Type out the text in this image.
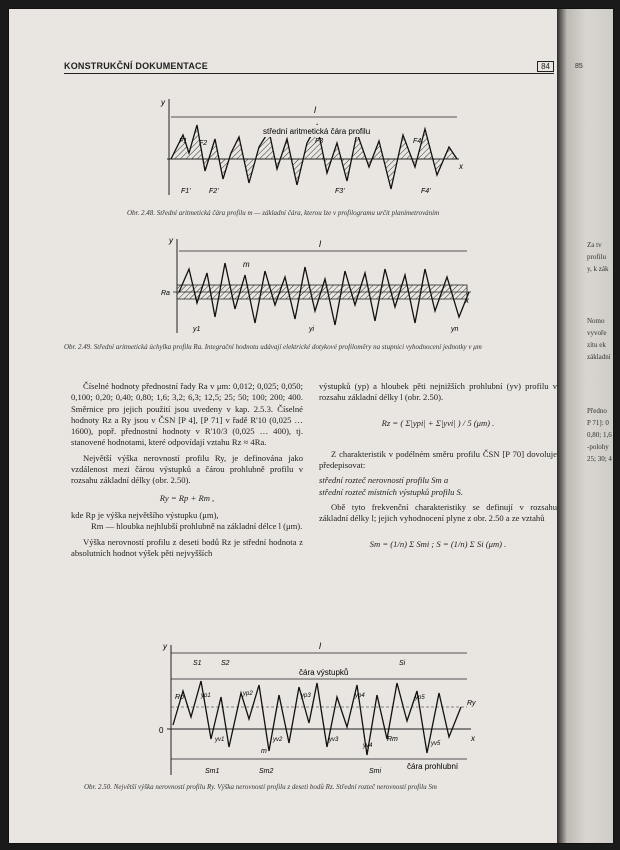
KONSTRUKČNÍ DOKUMENTACE	84
l
střední aritmetická čára profilu
y
x
F1 F2	F3	F4
F1'	F2'	F3'	F4'
Obr. 2.48. Střední aritmetická čára profilu m — základní čára, kterou lze v profilogramu určit planimetrováním
l
m
Ra
y
x
y1	yi	yn
Obr. 2.49. Střední aritmetická úchylka profilu Ra. Integrační hodnotu udávají elektrické dotykové profiloměry na stupnici vyhodnocení jednotky v μm

Číselné hodnoty přednostní řady Ra v μm: 0,012; 0,025; 0,050; 0,100; 0,20; 0,40; 0,80; 1,6; 3,2; 6,3; 12,5; 25; 50; 100; 200; 400. Směrnice pro jejich použití jsou uvedeny v kap. 2.5.3. Číselné hodnoty Rz a Ry jsou v ČSN [P 4], [P 71] v řadě R'10 (0,025 … 1600), popř. přednostní hodnoty v R'10/3 (0,025 … 400), tj. stanovené hodnotami, které odpovídají vztahu Rz ≈ 4Ra.

Největší výška nerovností profilu Ry, je definována jako vzdálenost mezi čárou výstupků a čárou prohlubně profilu v rozsahu základní délky (obr. 2.50).

Ry = Rp + Rm ,

kde Rp je výška největšího výstupku (μm),

Rm — hloubka nejhlubší prohlubně na základní délce l (μm).

Výška nerovností profilu z deseti bodů Rz je střední hodnota z absolutních hodnot výšek pěti nejvyšších

výstupků (yp) a hloubek pěti nejnižších prohlubní (yv) profilu v rozsahu základní délky l (obr. 2.50).

Rz = ( Σ|ypi| + Σ|yvi| ) / 5 (μm) .

Z charakteristik v podélném směru profilu ČSN [P 70] dovoluje předepisovat:

střední rozteč nerovností profilu Sm a

střední rozteč místních výstupků profilu S.

Obě tyto frekvenční charakteristiky se definují v rozsahu základní délky l; jejich vyhodnocení plyne z obr. 2.50 a ze vztahů

Sm = (1/n) Σ Smi ; S = (1/n) Σ Si (μm) .
l
y
x
0
čára výstupků
čára prohlubní
S1	S2	Si
Sm1	Sm2	Smi
Rp
Rm
Ry
m
yp1	yp2	yp3	yp4	yp5
yv1	yv2	yv3
yv4	yv5
Obr. 2.50. Největší výška nerovností profilu Ry. Výška nerovností profilu z deseti bodů Rz. Střední rozteč nerovností profilu Sm
85
Za tv
profilu
y, k zák
Nomo
vyvoře
zítu ek
základní
Předno
P 71]: 0
0,80; 1,6
-polohy
25; 30; 4
